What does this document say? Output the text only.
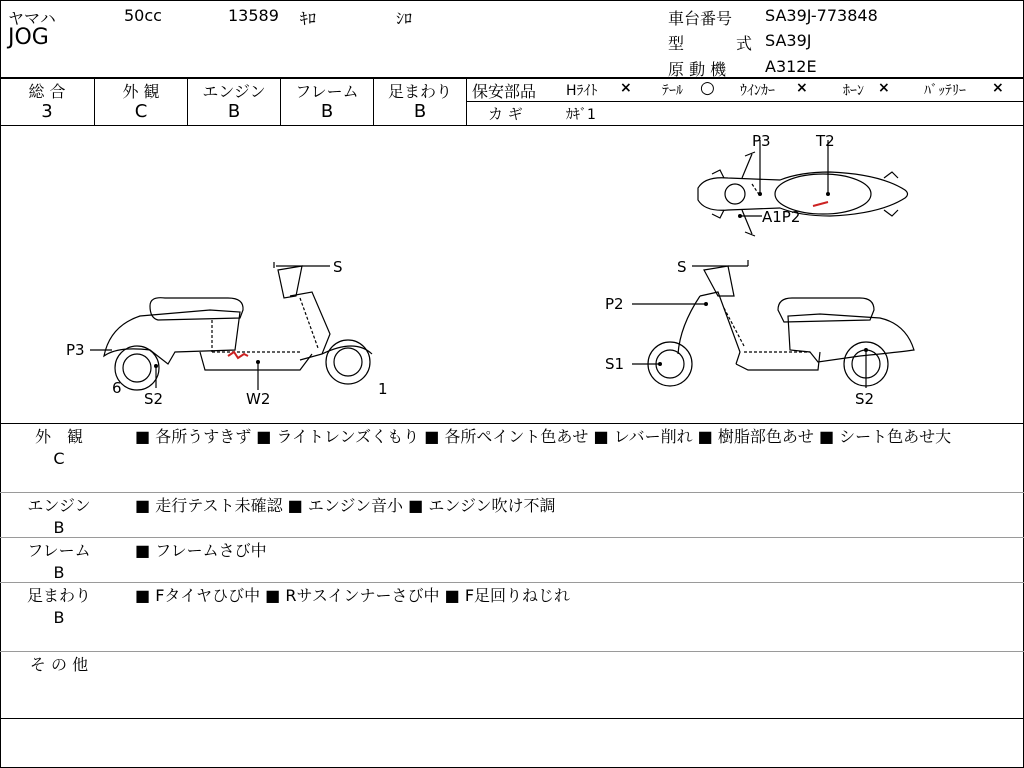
ヤマハ	50cc	13589 ｷﾛ	ｼﾛ
JOG
車台番号 SA39J-773848
型	式 SA39J
原 動 機 A312E
総 合	外 観	エンジン	フレーム	足まわり
3	C	B	B	B
保安部品 Hﾗｲﾄ × ﾃｰﾙ ○ ｳｲﾝｶｰ ×	ﾎｰﾝ × ﾊﾞｯﾃﾘｰ ×
カ ギ	ｶｷﾞ1
P3	T2
A1P2
S
P3
6
S2	W2
1
S
P2
S1
S2
外　観
C
■ 各所うすきず ■ ライトレンズくもり ■ 各所ペイント色あせ ■ レバー削れ ■ 樹脂部色あせ ■ シート色あせ大
エンジン
B
■ 走行テスト未確認 ■ エンジン音小 ■ エンジン吹け不調
フレーム
B
■ フレームさび中
足まわり
B
■ Fタイヤひび中 ■ Rサスインナーさび中 ■ F足回りねじれ
そ の 他
